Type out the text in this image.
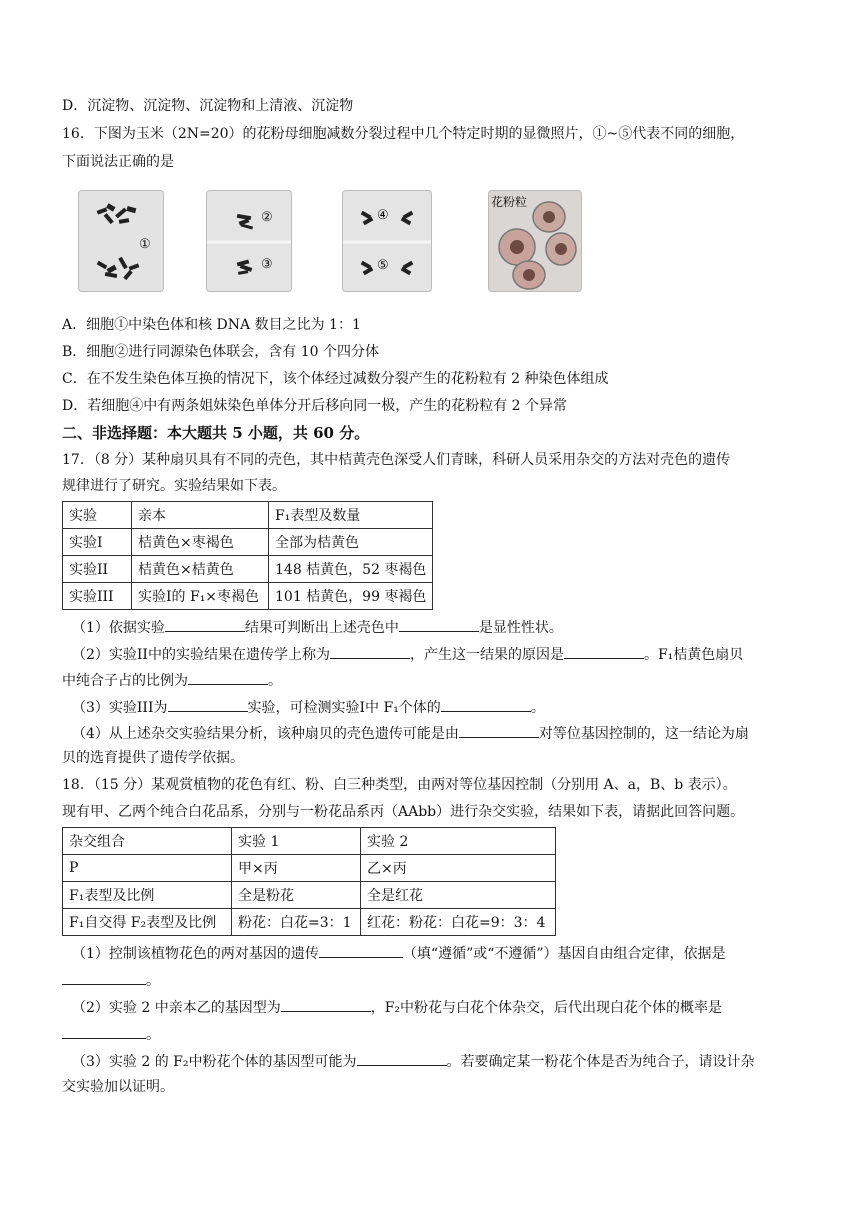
D．沉淀物、沉淀物、沉淀物和上清液、沉淀物
16．下图为玉米（2N=20）的花粉母细胞减数分裂过程中几个特定时期的显微照片，①~⑤代表不同的细胞，
下面说法正确的是
①
②
③
④
⑤
花粉粒
A．细胞①中染色体和核 DNA 数目之比为 1：1
B．细胞②进行同源染色体联会，含有 10 个四分体
C．在不发生染色体互换的情况下，该个体经过减数分裂产生的花粉粒有 2 种染色体组成
D．若细胞④中有两条姐妹染色单体分开后移向同一极，产生的花粉粒有 2 个异常
二、非选择题：本大题共 5 小题，共 60 分。
17．（8 分）某种扇贝具有不同的壳色，其中桔黄壳色深受人们青睐，科研人员采用杂交的方法对壳色的遗传
规律进行了研究。实验结果如下表。
实验	亲本	F₁表型及数量
实验I	桔黄色×枣褐色	全部为桔黄色
实验II	桔黄色×桔黄色	148 桔黄色，52 枣褐色
实验III	实验I的 F₁×枣褐色	101 桔黄色，99 枣褐色
（1）依据实验	结果可判断出上述壳色中	是显性性状。
（2）实验II中的实验结果在遗传学上称为	，产生这一结果的原因是	。F₁桔黄色扇贝
中纯合子占的比例为	。
（3）实验III为	实验，可检测实验I中 F₁个体的	。
（4）从上述杂交实验结果分析，该种扇贝的壳色遗传可能是由	对等位基因控制的，这一结论为扇
贝的选育提供了遗传学依据。
18．（15 分）某观赏植物的花色有红、粉、白三种类型，由两对等位基因控制（分别用 A、a，B、b 表示）。
现有甲、乙两个纯合白花品系，分别与一粉花品系丙（AAbb）进行杂交实验，结果如下表，请据此回答问题。
杂交组合	实验 1	实验 2
P	甲×丙	乙×丙
F₁表型及比例	全是粉花	全是红花
F₁自交得 F₂表型及比例	粉花：白花=3：1	红花：粉花：白花=9：3：4
（1）控制该植物花色的两对基因的遗传	（填“遵循”或“不遵循”）基因自由组合定律，依据是
。
（2）实验 2 中亲本乙的基因型为	，F₂中粉花与白花个体杂交，后代出现白花个体的概率是
。
（3）实验 2 的 F₂中粉花个体的基因型可能为	。若要确定某一粉花个体是否为纯合子，请设计杂
交实验加以证明。
